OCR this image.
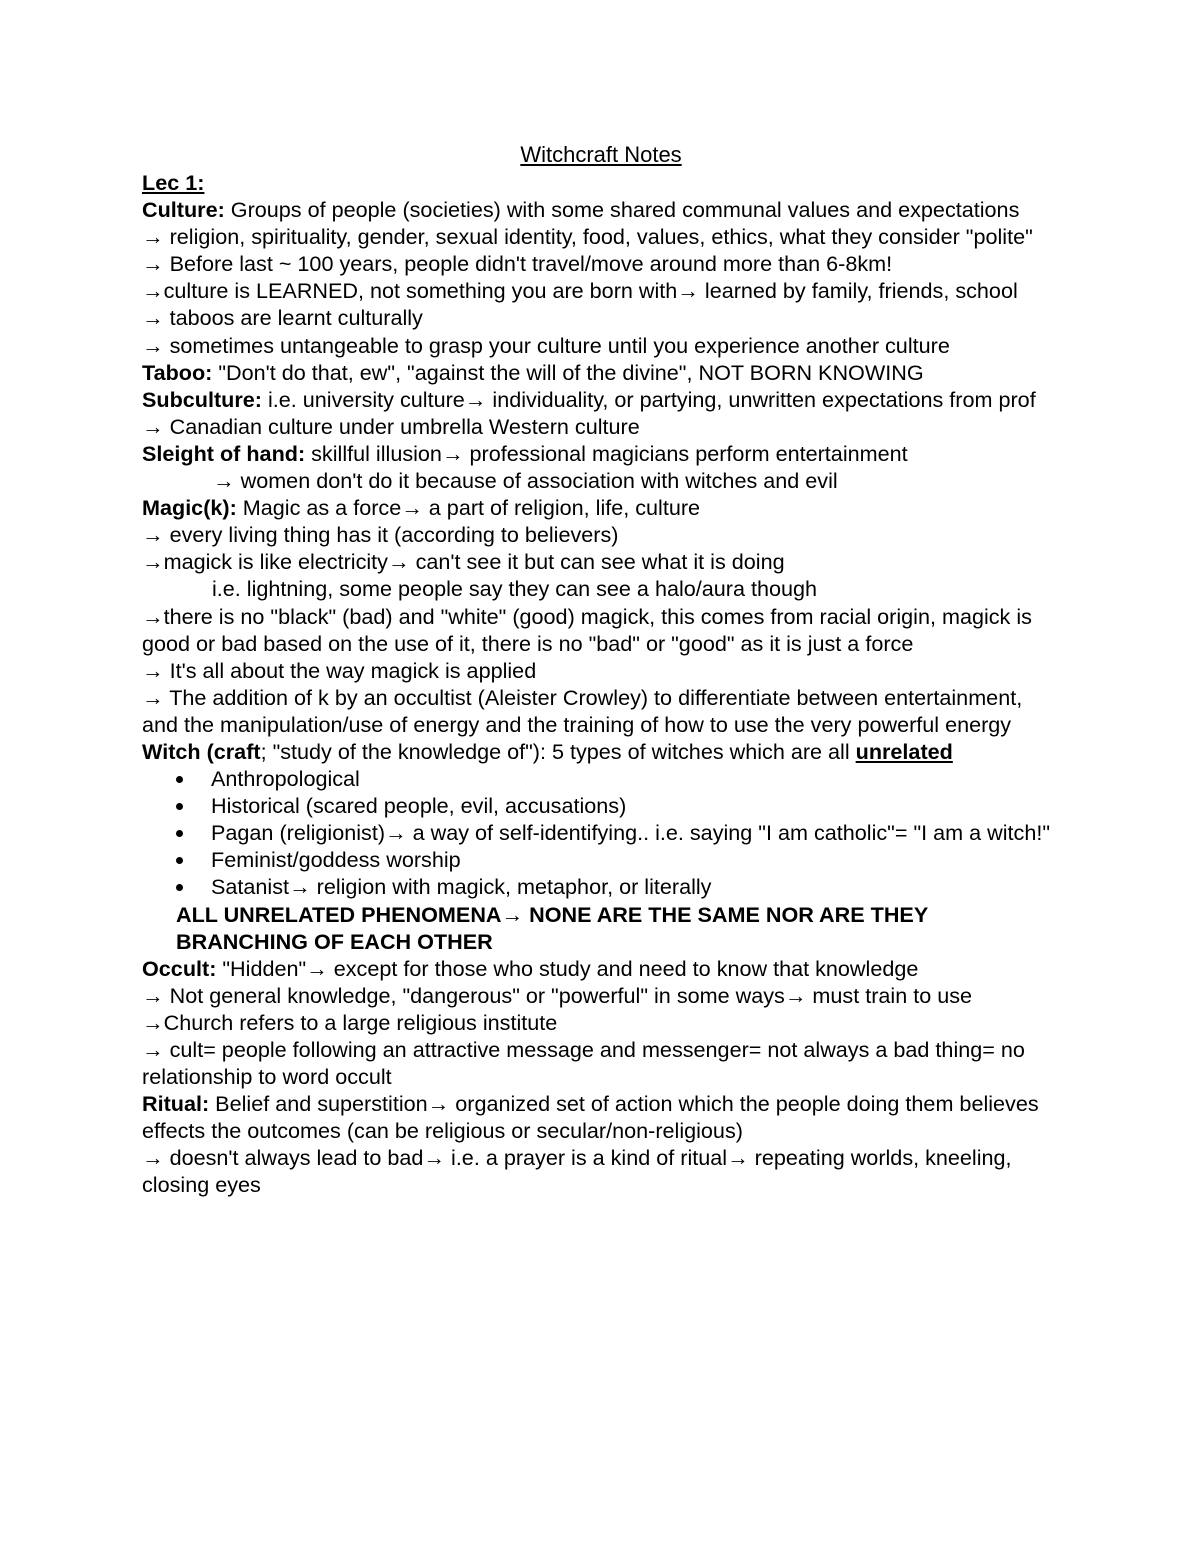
Witchcraft Notes

Lec 1:

Culture: Groups of people (societies) with some shared communal values and expectations

→ religion, spirituality, gender, sexual identity, food, values, ethics, what they consider "polite"

→ Before last ~ 100 years, people didn't travel/move around more than 6-8km!

→culture is LEARNED, not something you are born with→ learned by family, friends, school

→ taboos are learnt culturally

→ sometimes untangeable to grasp your culture until you experience another culture

Taboo: "Don't do that, ew", "against the will of the divine", NOT BORN KNOWING

Subculture: i.e. university culture→ individuality, or partying, unwritten expectations from prof

→ Canadian culture under umbrella Western culture

Sleight of hand: skillful illusion→ professional magicians perform entertainment

→ women don't do it because of association with witches and evil

Magic(k): Magic as a force→ a part of religion, life, culture

→ every living thing has it (according to believers)

→magick is like electricity→ can't see it but can see what it is doing

i.e. lightning, some people say they can see a halo/aura though

→there is no "black" (bad) and "white" (good) magick, this comes from racial origin, magick is good or bad based on the use of it, there is no "bad" or "good" as it is just a force

→ It's all about the way magick is applied

→ The addition of k by an occultist (Aleister Crowley) to differentiate between entertainment, and the manipulation/use of energy and the training of how to use the very powerful energy

Witch (craft; "study of the knowledge of"): 5 types of witches which are all unrelated

Anthropological
Historical (scared people, evil, accusations)
Pagan (religionist)→ a way of self-identifying.. i.e. saying "I am catholic"= "I am a witch!"
Feminist/goddess worship
Satanist→ religion with magick, metaphor, or literally

ALL UNRELATED PHENOMENA→ NONE ARE THE SAME NOR ARE THEY BRANCHING OF EACH OTHER

Occult: "Hidden"→ except for those who study and need to know that knowledge

→ Not general knowledge, "dangerous" or "powerful" in some ways→ must train to use

→Church refers to a large religious institute

→ cult= people following an attractive message and messenger= not always a bad thing= no relationship to word occult

Ritual: Belief and superstition→ organized set of action which the people doing them believes effects the outcomes (can be religious or secular/non-religious)

→ doesn't always lead to bad→ i.e. a prayer is a kind of ritual→ repeating worlds, kneeling, closing eyes
